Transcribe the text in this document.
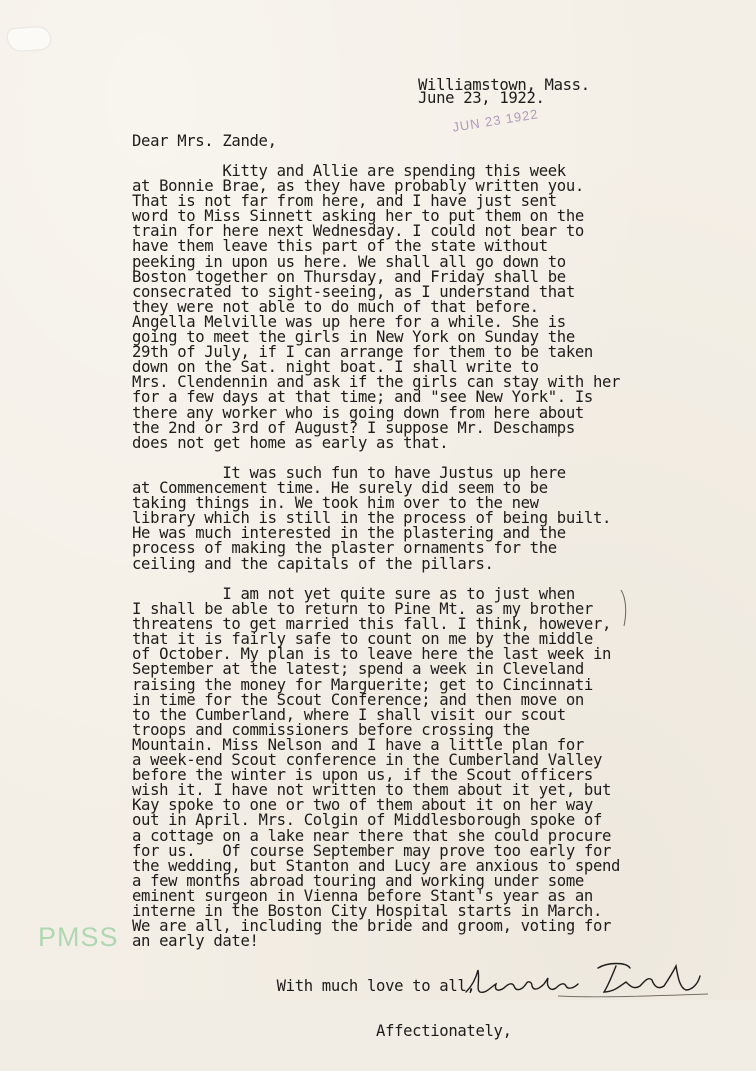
Williamstown, Mass.
June 23, 1922.
JUN 23 1922
Dear Mrs. Zande,
Kitty and Allie are spending this week
at Bonnie Brae, as they have probably written you.
That is not far from here, and I have just sent
word to Miss Sinnett asking her to put them on the
train for here next Wednesday. I could not bear to
have them leave this part of the state without
peeking in upon us here. We shall all go down to
Boston together on Thursday, and Friday shall be
consecrated to sight-seeing, as I understand that
they were not able to do much of that before.
Angella Melville was up here for a while. She is
going to meet the girls in New York on Sunday the
29th of July, if I can arrange for them to be taken
down on the Sat. night boat. I shall write to
Mrs. Clendennin and ask if the girls can stay with her
for a few days at that time; and "see New York". Is
there any worker who is going down from here about
the 2nd or 3rd of August? I suppose Mr. Deschamps
does not get home as early as that.
It was such fun to have Justus up here
at Commencement time. He surely did seem to be
taking things in. We took him over to the new
library which is still in the process of being built.
He was much interested in the plastering and the
process of making the plaster ornaments for the
ceiling and the capitals of the pillars.
I am not yet quite sure as to just when
I shall be able to return to Pine Mt. as my brother
threatens to get married this fall. I think, however,
that it is fairly safe to count on me by the middle
of October. My plan is to leave here the last week in
September at the latest; spend a week in Cleveland
raising the money for Marguerite; get to Cincinnati
in time for the Scout Conference; and then move on
to the Cumberland, where I shall visit our scout
troops and commissioners before crossing the
Mountain. Miss Nelson and I have a little plan for
a week-end Scout conference in the Cumberland Valley
before the winter is upon us, if the Scout officers
wish it. I have not written to them about it yet, but
Kay spoke to one or two of them about it on her way
out in April. Mrs. Colgin of Middlesborough spoke of
a cottage on a lake near there that she could procure
for us.   Of course September may prove too early for
the wedding, but Stanton and Lucy are anxious to spend
a few months abroad touring and working under some
eminent surgeon in Vienna before Stant's year as an
interne in the Boston City Hospital starts in March.
We are all, including the bride and groom, voting for
an early date!

With much love to all,

Affectionately,

PMSS
